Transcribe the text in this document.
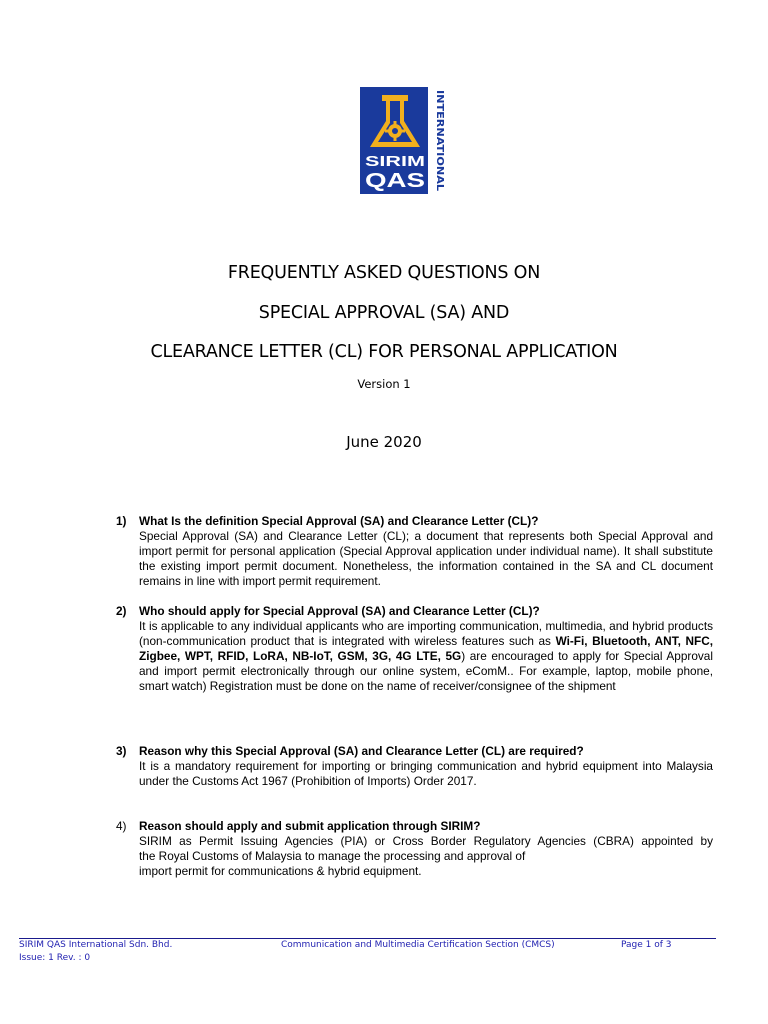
INTERNATIONAL
SIRIM
QAS
FREQUENTLY ASKED QUESTIONS ON
SPECIAL APPROVAL (SA) AND
CLEARANCE LETTER (CL) FOR PERSONAL APPLICATION
Version 1
June 2020
1) What Is the definition Special Approval (SA) and Clearance Letter (CL)?
Special Approval (SA) and Clearance Letter (CL); a document that represents both Special Approval and import permit for personal application (Special Approval application under individual name). It shall substitute the existing import permit document. Nonetheless, the information contained in the SA and CL document remains in line with import permit requirement.
2) Who should apply for Special Approval (SA) and Clearance Letter (CL)?
It is applicable to any individual applicants who are importing communication, multimedia, and hybrid products (non-communication product that is integrated with wireless features such as Wi-Fi, Bluetooth, ANT, NFC, Zigbee, WPT, RFID, LoRA, NB-IoT, GSM, 3G, 4G LTE, 5G) are encouraged to apply for Special Approval and import permit electronically through our online system, eComM.. For example, laptop, mobile phone, smart watch) Registration must be done on the name of receiver/consignee of the shipment
3) Reason why this Special Approval (SA) and Clearance Letter (CL) are required?
It is a mandatory requirement for importing or bringing communication and hybrid equipment into Malaysia under the Customs Act 1967 (Prohibition of Imports) Order 2017.
4) Reason should apply and submit application through SIRIM?
SIRIM as Permit Issuing Agencies (PIA) or Cross Border Regulatory Agencies (CBRA) appointed by
the Royal Customs of Malaysia to manage the processing and approval of
import permit for communications & hybrid equipment.
SIRIM QAS International Sdn. Bhd.
Issue: 1 Rev. : 0
Communication and Multimedia Certification Section (CMCS)	Page 1 of 3
